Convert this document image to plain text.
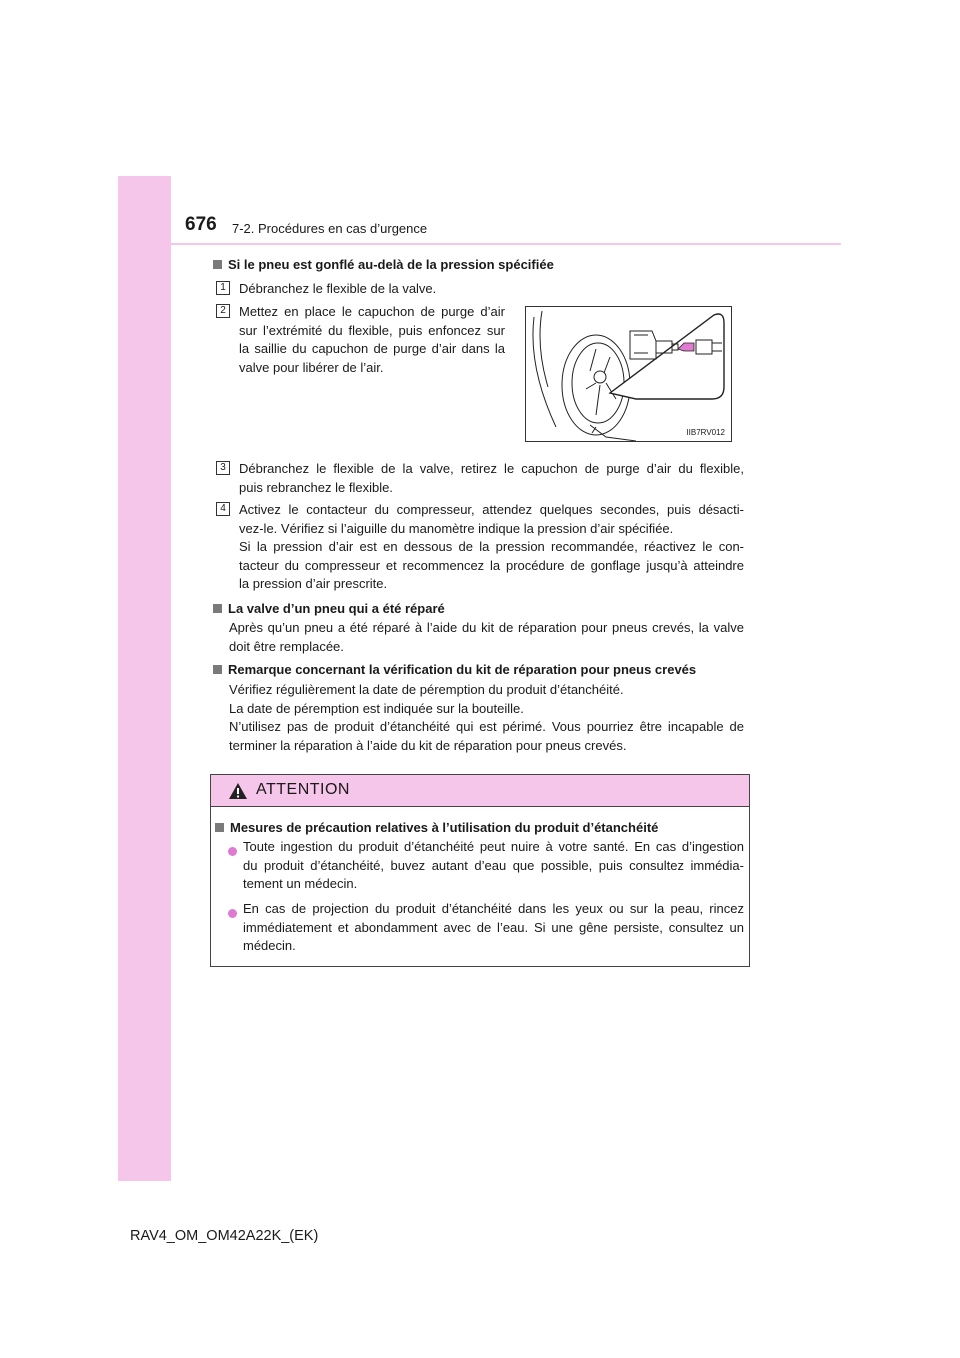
676 7-2. Procédures en cas d’urgence
Si le pneu est gonflé au-delà de la pression spécifiée
1	Débranchez le flexible de la valve.
2	Mettez en place le capuchon de purge d’air
sur l’extrémité du flexible, puis enfoncez sur
la saillie du capuchon de purge d’air dans la
valve pour libérer de l’air.
IIB7RV012
3	Débranchez le flexible de la valve, retirez le capuchon de purge d’air du flexible,
puis rebranchez le flexible.
4	Activez le contacteur du compresseur, attendez quelques secondes, puis désacti-
vez-le. Vérifiez si l’aiguille du manomètre indique la pression d’air spécifiée.
Si la pression d’air est en dessous de la pression recommandée, réactivez le con-
tacteur du compresseur et recommencez la procédure de gonflage jusqu’à atteindre
la pression d’air prescrite.
La valve d’un pneu qui a été réparé
Après qu’un pneu a été réparé à l’aide du kit de réparation pour pneus crevés, la valve
doit être remplacée.
Remarque concernant la vérification du kit de réparation pour pneus crevés
Vérifiez régulièrement la date de péremption du produit d’étanchéité.
La date de péremption est indiquée sur la bouteille.
N’utilisez pas de produit d’étanchéité qui est périmé. Vous pourriez être incapable de
terminer la réparation à l’aide du kit de réparation pour pneus crevés.
Mesures de précaution relatives à l’utilisation du produit d’étanchéité
Toute ingestion du produit d’étanchéité peut nuire à votre santé. En cas d’ingestion
du produit d’étanchéité, buvez autant d’eau que possible, puis consultez immédia-
tement un médecin.
En cas de projection du produit d’étanchéité dans les yeux ou sur la peau, rincez
immédiatement et abondamment avec de l’eau. Si une gêne persiste, consultez un
médecin.
ATTENTION
RAV4_OM_OM42A22K_(EK)
